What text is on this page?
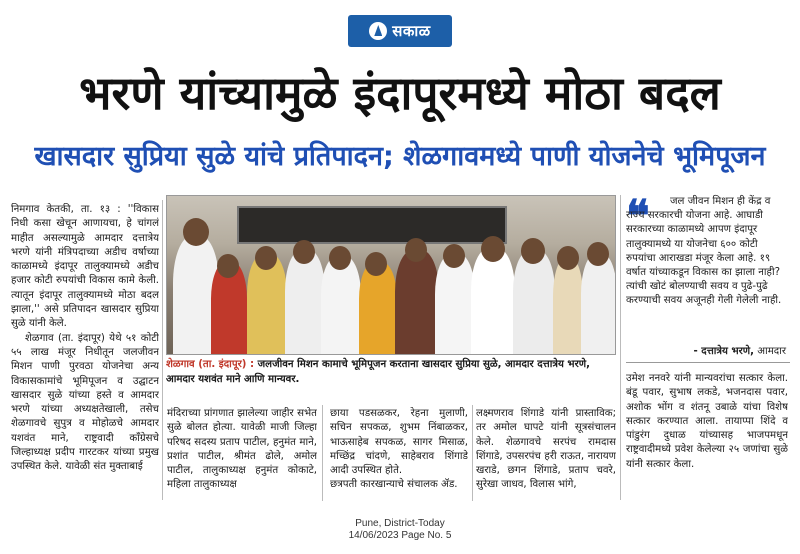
सकाळ
भरणे यांच्यामुळे इंदापूरमध्ये मोठा बदल
खासदार सुप्रिया सुळे यांचे प्रतिपादन; शेळगावमध्ये पाणी योजनेचे भूमिपूजन

निमगाव केतकी, ता. १३ : ''विकास निधी कसा खेचून आणायचा, हे चांगलं माहीत असल्यामुळे आमदार दत्तात्रेय भरणे यांनी मंत्रिपदाच्या अडीच वर्षाच्या काळामध्ये इंदापूर तालुक्यामध्ये अडीच हजार कोटी रुपयांची विकास कामे केली. त्यातून इंदापूर तालुक्यामध्ये मोठा बदल झाला,'' असे प्रतिपादन खासदार सुप्रिया सुळे यांनी केले.

शेळगाव (ता. इंदापूर) येथे ५१ कोटी ५५ लाख मंजूर निधीतून जलजीवन मिशन पाणी पुरवठा योजनेचा अन्य विकासकामांचे भूमिपूजन व उद्घाटन खासदार सुळे यांच्या हस्ते व आमदार भरणे यांच्या अध्यक्षतेखाली, तसेच शेळगावचे सुपुत्र व मोहोळचे आमदार यशवंत माने, राष्ट्रवादी काँग्रेसचे जिल्हाध्यक्ष प्रदीप गारटकर यांच्या प्रमुख उपस्थित केले. यावेळी संत मुक्ताबाई

शेळगाव (ता. इंदापूर) : जलजीवन मिशन कामाचे भूमिपूजन करताना खासदार सुप्रिया सुळे, आमदार दत्तात्रेय भरणे, आमदार यशवंत माने आणि मान्यवर.
❝	जल जीवन मिशन ही केंद्र व राज्य सरकारची योजना आहे. आघाडी सरकारच्या काळामध्ये आपण इंदापूर तालुक्यामध्ये या योजनेचा ६०० कोटी रुपयांचा आराखडा मंजूर केला आहे. १९ वर्षात यांच्याकडून विकास का झाला नाही? त्यांची खोटं बोलण्याची सवय व पुढे-पुढे करण्याची सवय अजूनही गेली गेलेली नाही.

- दत्तात्रेय भरणे, आमदार

मंदिराच्या प्रांगणात झालेल्या जाहीर सभेत सुळे बोलत होत्या. यावेळी माजी जिल्हा परिषद सदस्य प्रताप पाटील, हनुमंत माने, प्रशांत पाटील, श्रीमंत ढोले, अमोल पाटील, तालुकाध्यक्ष हनुमंत कोकाटे, महिला तालुकाध्यक्ष

छाया पडसळकर, रेहना मुलाणी, सचिन सपकळ, शुभम निंबाळकर, भाऊसाहेब सपकळ, सागर मिसाळ, मच्छिंद्र चांदणे, साहेबराव शिंगाडे आदी उपस्थित होते.
छत्रपती कारखान्याचे संचालक ॲड.

लक्ष्मणराव शिंगाडे यांनी प्रास्ताविक; तर अमोल घापटे यांनी सूत्रसंचालन केले. शेळगावचे सरपंच रामदास शिंगाडे, उपसरपंच हरी राऊत, नारायण खराडे, छगन शिंगाडे, प्रताप चवरे, सुरेखा जाधव, विलास भांगे,

उमेश ननवरे यांनी मान्यवरांचा सत्कार केला. बंडू पवार, सुभाष लकडे, भजनदास पवार, अशोक भोंग व शंतनू उबाळे यांचा विशेष सत्कार करण्यात आला. तायाप्पा शिंदे व पांडुरंग दुधाळ यांच्यासह भाजपमधून राष्ट्रवादीमध्ये प्रवेश केलेल्या २५ जणांचा सुळे यांनी सत्कार केला.

Pune, District-Today
14/06/2023 Page No. 5
